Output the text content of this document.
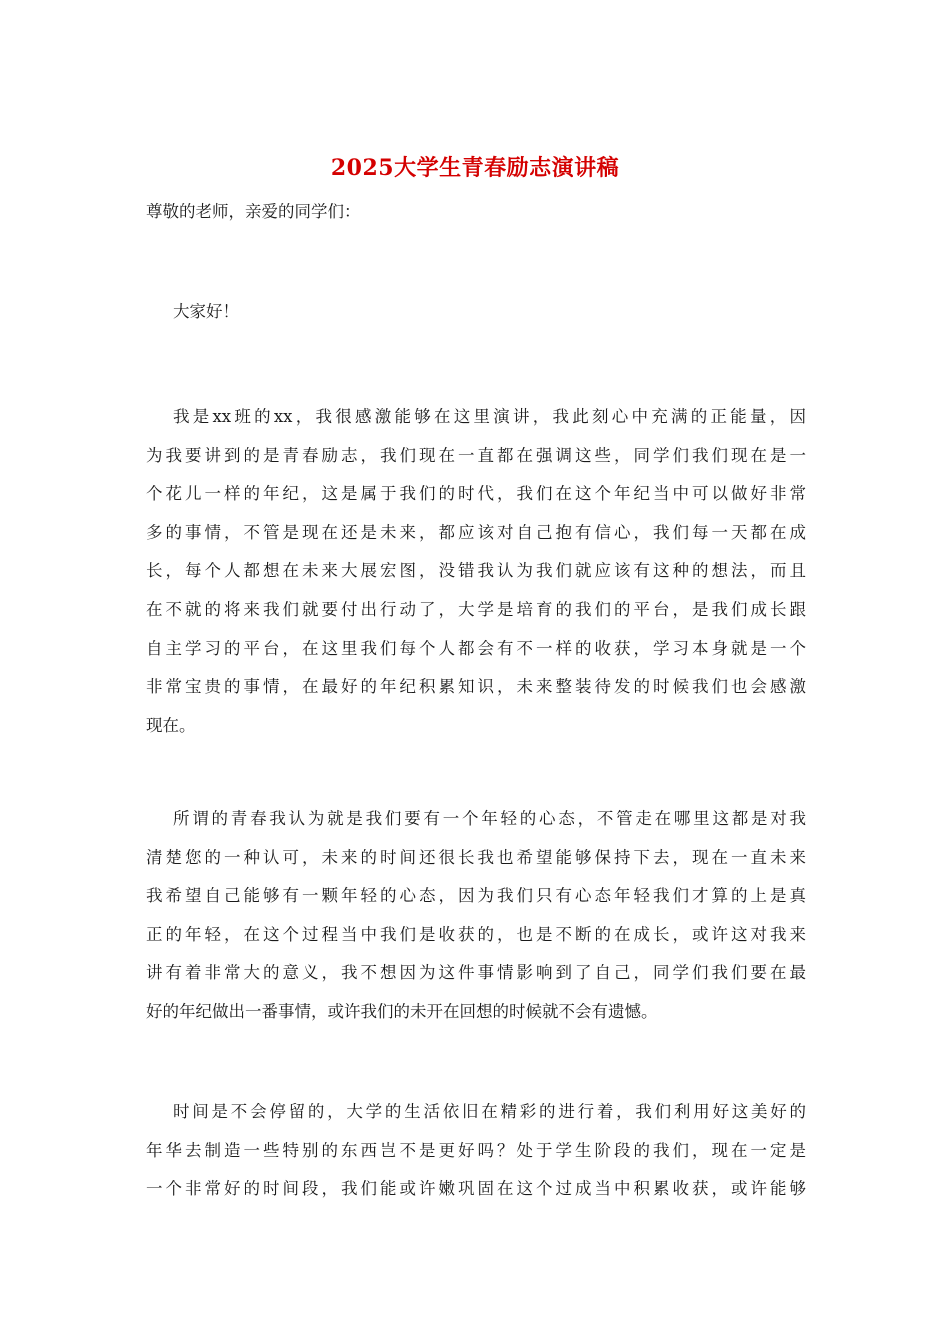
2025大学生青春励志演讲稿

尊敬的老师，亲爱的同学们：

大家好！

我是xx班的xx，我很感激能够在这里演讲，我此刻心中充满的正能量，因
为我要讲到的是青春励志，我们现在一直都在强调这些，同学们我们现在是一
个花儿一样的年纪，这是属于我们的时代，我们在这个年纪当中可以做好非常
多的事情，不管是现在还是未来，都应该对自己抱有信心，我们每一天都在成
长，每个人都想在未来大展宏图，没错我认为我们就应该有这种的想法，而且
在不就的将来我们就要付出行动了，大学是培育的我们的平台，是我们成长跟
自主学习的平台，在这里我们每个人都会有不一样的收获，学习本身就是一个
非常宝贵的事情，在最好的年纪积累知识，未来整装待发的时候我们也会感激
现在。
所谓的青春我认为就是我们要有一个年轻的心态，不管走在哪里这都是对我
清楚您的一种认可，未来的时间还很长我也希望能够保持下去，现在一直未来
我希望自己能够有一颗年轻的心态，因为我们只有心态年轻我们才算的上是真
正的年轻，在这个过程当中我们是收获的，也是不断的在成长，或许这对我来
讲有着非常大的意义，我不想因为这件事情影响到了自己，同学们我们要在最
好的年纪做出一番事情，或许我们的未开在回想的时候就不会有遗憾。
时间是不会停留的，大学的生活依旧在精彩的进行着，我们利用好这美好的
年华去制造一些特别的东西岂不是更好吗？处于学生阶段的我们，现在一定是
一个非常好的时间段，我们能或许嫩巩固在这个过成当中积累收获，或许能够
